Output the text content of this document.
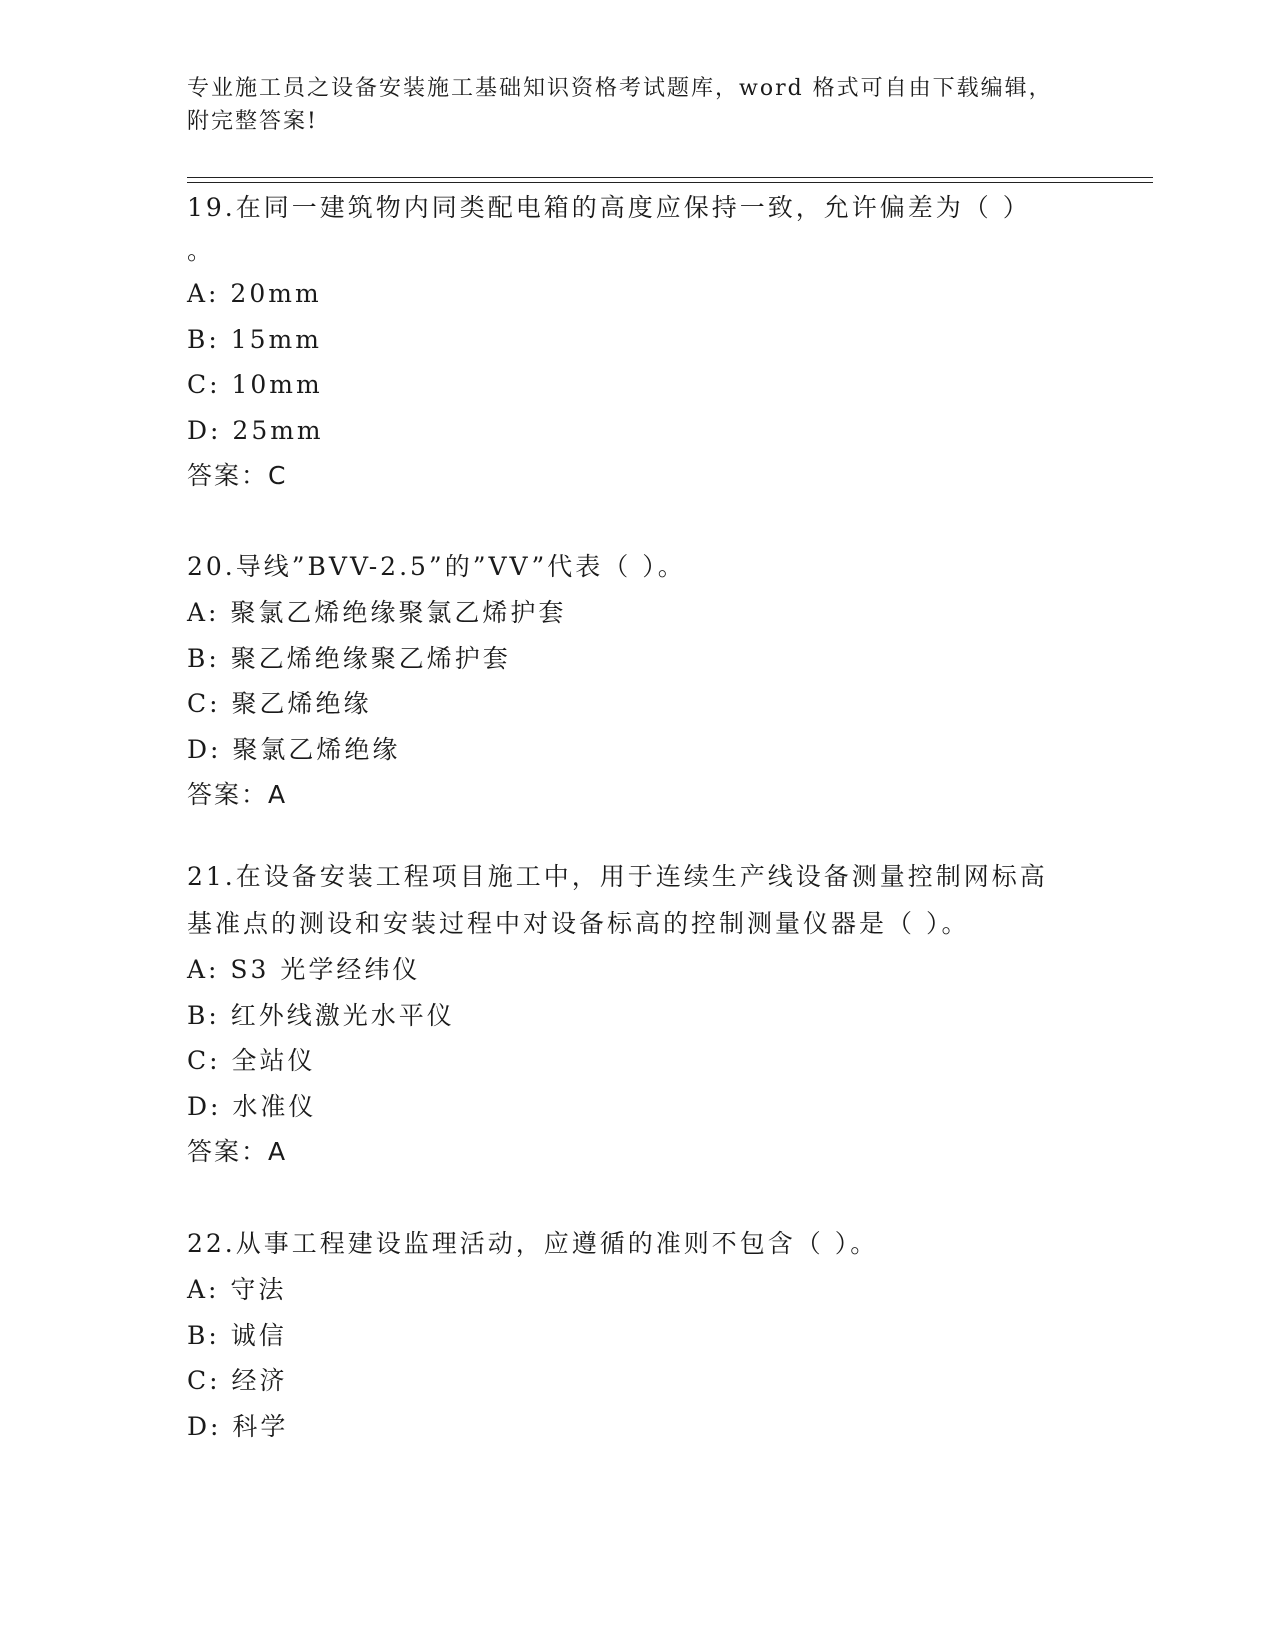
专业施工员之设备安装施工基础知识资格考试题库，word 格式可自由下载编辑，
附完整答案!

19.在同一建筑物内同类配电箱的高度应保持一致，允许偏差为（ ）

。

A: 20mm

B: 15mm

C: 10mm

D: 25mm

答案：C

20.导线”BVV-2.5”的”VV”代表（ ）。

A: 聚氯乙烯绝缘聚氯乙烯护套

B: 聚乙烯绝缘聚乙烯护套

C: 聚乙烯绝缘

D: 聚氯乙烯绝缘

答案：A

21.在设备安装工程项目施工中，用于连续生产线设备测量控制网标高

基准点的测设和安装过程中对设备标高的控制测量仪器是（ ）。

A: S3 光学经纬仪

B: 红外线激光水平仪

C: 全站仪

D: 水准仪

答案：A

22.从事工程建设监理活动，应遵循的准则不包含（ ）。

A: 守法

B: 诚信

C: 经济

D: 科学
